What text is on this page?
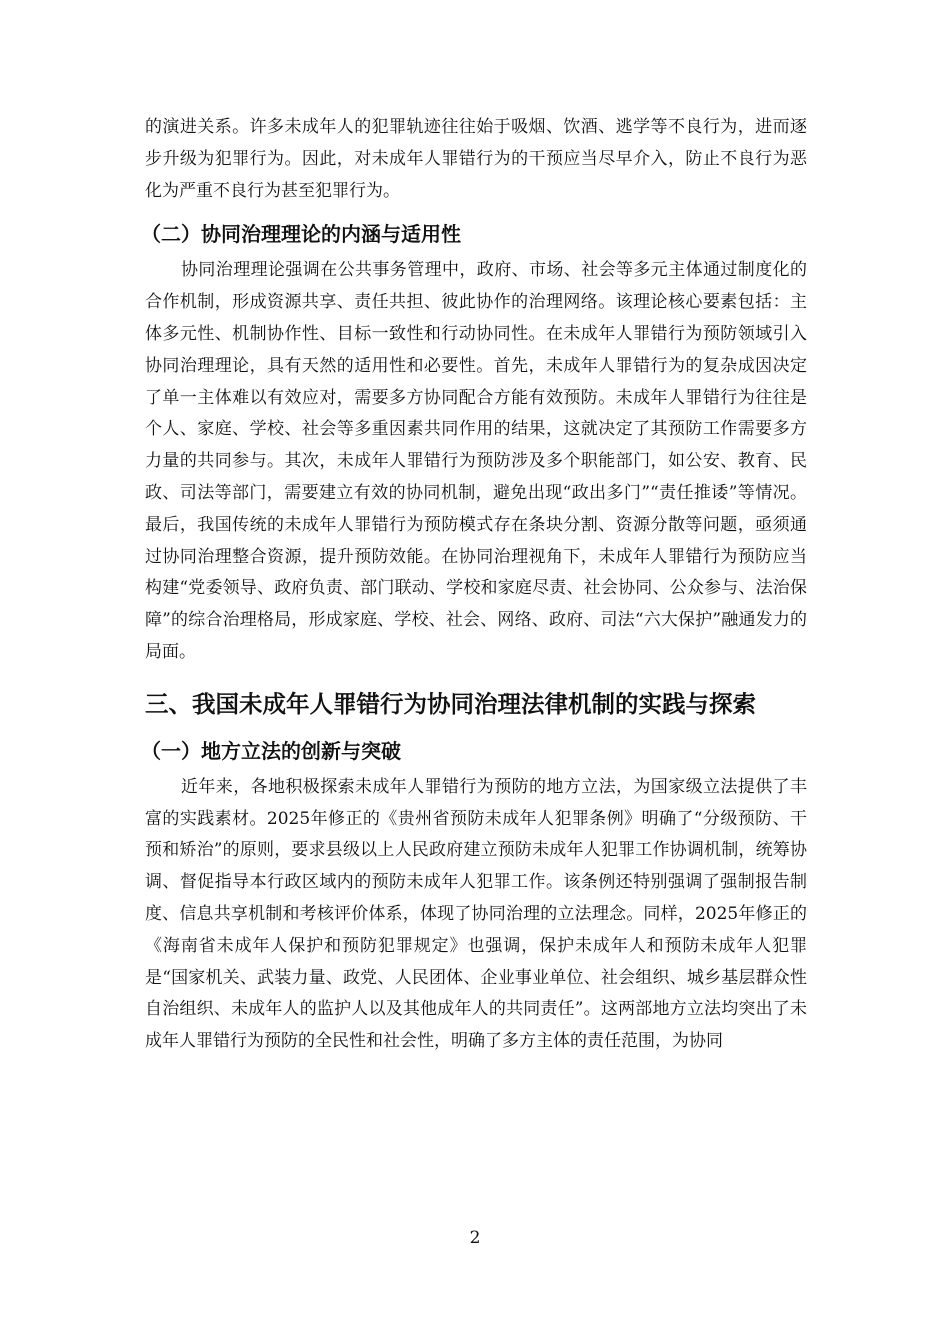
的演进关系。许多未成年人的犯罪轨迹往往始于吸烟、饮酒、逃学等不良行为，进而逐步升级为犯罪行为。因此，对未成年人罪错行为的干预应当尽早介入，防止不良行为恶化为严重不良行为甚至犯罪行为。

（二）协同治理理论的内涵与适用性

协同治理理论强调在公共事务管理中，政府、市场、社会等多元主体通过制度化的合作机制，形成资源共享、责任共担、彼此协作的治理网络。该理论核心要素包括：主体多元性、机制协作性、目标一致性和行动协同性。在未成年人罪错行为预防领域引入协同治理理论，具有天然的适用性和必要性。首先，未成年人罪错行为的复杂成因决定了单一主体难以有效应对，需要多方协同配合方能有效预防。未成年人罪错行为往往是个人、家庭、学校、社会等多重因素共同作用的结果，这就决定了其预防工作需要多方力量的共同参与。其次，未成年人罪错行为预防涉及多个职能部门，如公安、教育、民政、司法等部门，需要建立有效的协同机制，避免出现“政出多门”“责任推诿”等情况。最后，我国传统的未成年人罪错行为预防模式存在条块分割、资源分散等问题，亟须通过协同治理整合资源，提升预防效能。在协同治理视角下，未成年人罪错行为预防应当构建“党委领导、政府负责、部门联动、学校和家庭尽责、社会协同、公众参与、法治保障”的综合治理格局，形成家庭、学校、社会、网络、政府、司法“六大保护”融通发力的局面。

三、我国未成年人罪错行为协同治理法律机制的实践与探索
（一）地方立法的创新与突破

近年来，各地积极探索未成年人罪错行为预防的地方立法，为国家级立法提供了丰富的实践素材。2025年修正的《贵州省预防未成年人犯罪条例》明确了“分级预防、干预和矫治”的原则，要求县级以上人民政府建立预防未成年人犯罪工作协调机制，统筹协调、督促指导本行政区域内的预防未成年人犯罪工作。该条例还特别强调了强制报告制度、信息共享机制和考核评价体系，体现了协同治理的立法理念。同样，2025年修正的《海南省未成年人保护和预防犯罪规定》也强调，保护未成年人和预防未成年人犯罪是“国家机关、武装力量、政党、人民团体、企业事业单位、社会组织、城乡基层群众性自治组织、未成年人的监护人以及其他成年人的共同责任”。这两部地方立法均突出了未成年人罪错行为预防的全民性和社会性，明确了多方主体的责任范围，为协同

2
